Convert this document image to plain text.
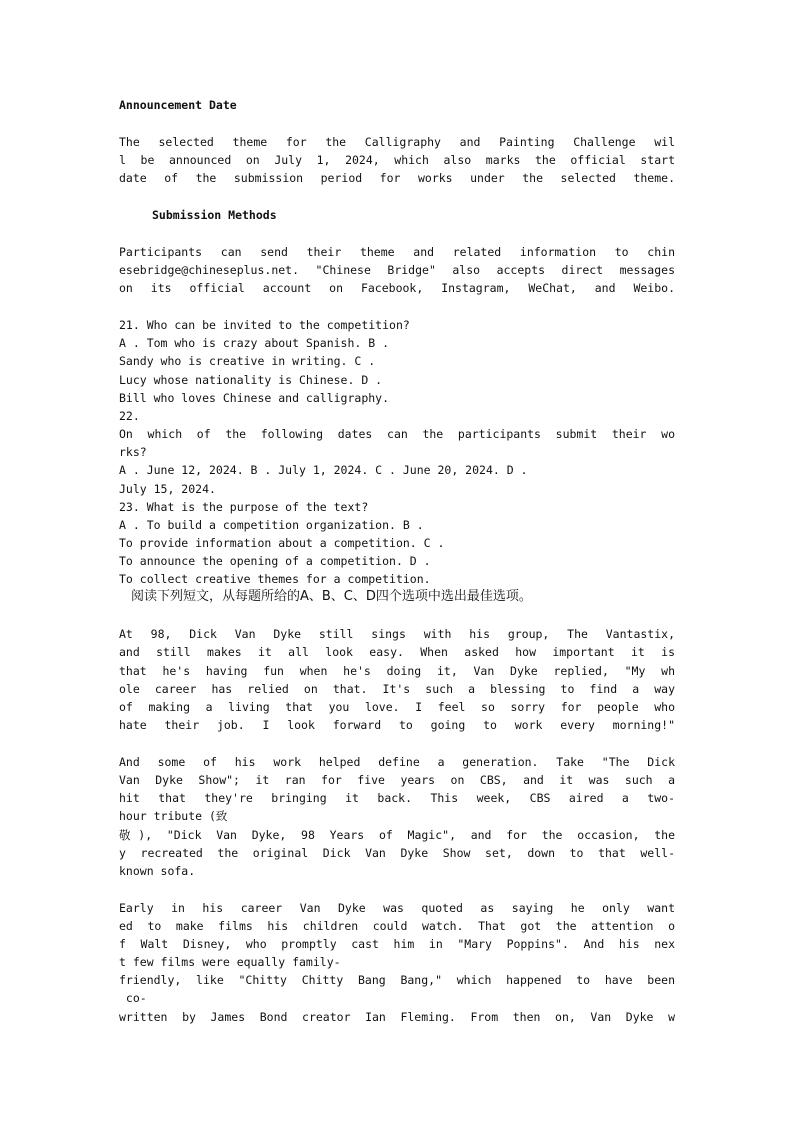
Announcement Date
The selected theme for the Calligraphy and Painting Challenge wil
l be announced on July 1, 2024, which also marks the official start
date of the submission period for works under the selected theme.
Submission Methods
Participants can send their theme and related information to chin
esebridge@chineseplus.net. "Chinese Bridge" also accepts direct messages
on its official account on Facebook, Instagram, WeChat, and Weibo.
21. Who can be invited to the competition?
A . Tom who is crazy about Spanish. B .
Sandy who is creative in writing. C .
Lucy whose nationality is Chinese. D .
Bill who loves Chinese and calligraphy.
22.
On which of the following dates can the participants submit their wo
rks?
A . June 12, 2024. B . July 1, 2024. C . June 20, 2024. D .
July 15, 2024.
23. What is the purpose of the text?
A . To build a competition organization. B .
To provide information about a competition. C .
To announce the opening of a competition. D .
To collect creative themes for a competition.
阅读下列短文，从每题所给的A、B、C、D四个选项中选出最佳选项。
At 98, Dick Van Dyke still sings with his group, The Vantastix,
and still makes it all look easy. When asked how important it is
that he's having fun when he's doing it, Van Dyke replied, "My wh
ole career has relied on that. It's such a blessing to find a way
of making a living that you love. I feel so sorry for people who
hate their job. I look forward to going to work every morning!"
And some of his work helped define a generation. Take "The Dick
Van Dyke Show"; it ran for five years on CBS, and it was such a
hit that they're bringing it back. This week, CBS aired a two-
hour tribute (致
敬), "Dick Van Dyke, 98 Years of Magic", and for the occasion, the
y recreated the original Dick Van Dyke Show set, down to that well-
known sofa.
Early in his career Van Dyke was quoted as saying he only want
ed to make films his children could watch. That got the attention o
f Walt Disney, who promptly cast him in "Mary Poppins". And his nex
t few films were equally family-
friendly, like "Chitty Chitty Bang Bang," which happened to have been
co-
written by James Bond creator Ian Fleming. From then on, Van Dyke w
